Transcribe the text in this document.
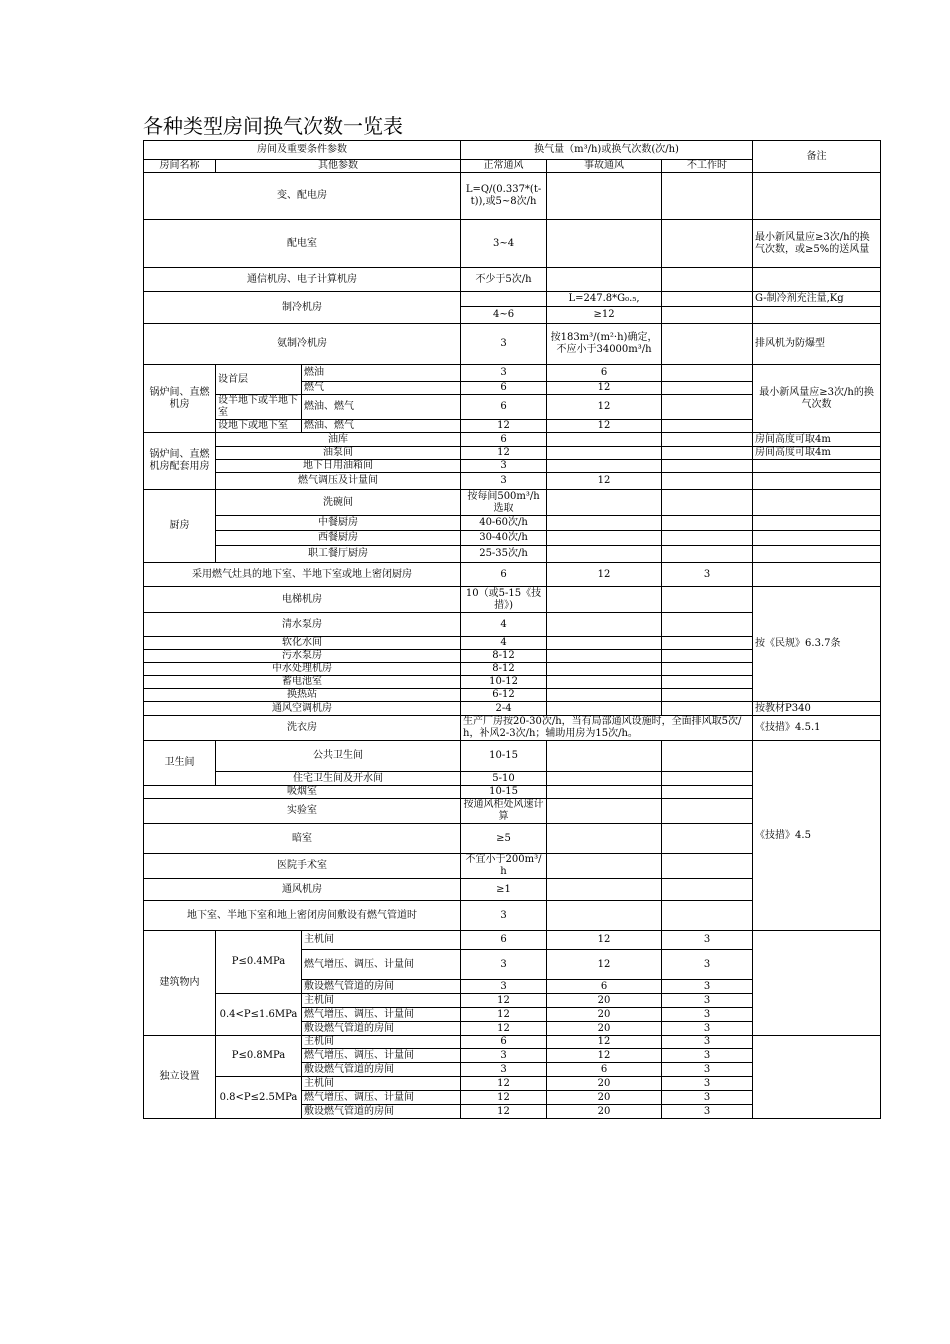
各种类型房间换气次数一览表
房间及重要条件参数			换气量（m³/h)或换气次数(次/h)			备注
房间名称	其他参数		正常通风	事故通风	不工作时	
变、配电房			L=Q/(0.337*(t-t)),或5~8次/h			
配电室			3~4			最小新风量应≥3次/h的换气次数，或≥5%的送风量
通信机房、电子计算机房			不少于5次/h			
制冷机房				L=247.8*G₀.₅,		G-制冷剂充注量,Kg
			4~6	≥12		
氨制冷机房			3	按183m³/(m²·h)确定，不应小于34000m³/h		排风机为防爆型
锅炉间、直燃机房	设首层	燃油	3	6		最小新风量应≥3次/h的换气次数
		燃气	6	12		
	设半地下或半地下室	燃油、燃气	6	12		
	设地下或地下室	燃油、燃气	12	12		
锅炉间、直燃机房配套用房	油库		6			房间高度可取4m
	油泵间		12			房间高度可取4m
	地下日用油箱间		3			
	燃气调压及计量间		3	12		
厨房	洗碗间		按每间500m³/h选取			
	中餐厨房		40-60次/h			
	西餐厨房		30-40次/h			
	职工餐厅厨房		25-35次/h			
采用燃气灶具的地下室、半地下室或地上密闭厨房			6	12	3	
电梯机房			10（或5-15《技措》)			按《民规》6.3.7条
清水泵房			4			
软化水间			4			
污水泵房			8-12			
中水处理机房			8-12			
蓄电池室			10-12			
换热站			6-12			
通风空调机房			2-4			按教材P340
洗衣房			生产厂房按20-30次/h，当有局部通风设施时，全面排风取5次/h，补风2-3次/h；辅助用房为15次/h。			《技措》4.5.1
卫生间	公共卫生间		10-15			《技措》4.5
	住宅卫生间及开水间		5-10			
吸烟室			10-15			
实验室			按通风柜处风速计算			
暗室			≥5			
医院手术室			不宜小于200m³/h			
通风机房			≥1			
地下室、半地下室和地上密闭房间敷设有燃气管道时			3			
建筑物内	P≤0.4MPa	主机间	6	12	3	
		燃气增压、调压、计量间	3	12	3	
		敷设燃气管道的房间	3	6	3	
	0.4<P≤1.6MPa	主机间	12	20	3	
		燃气增压、调压、计量间	12	20	3	
		敷设燃气管道的房间	12	20	3	
独立设置	P≤0.8MPa	主机间	6	12	3	
		燃气增压、调压、计量间	3	12	3	
		敷设燃气管道的房间	3	6	3	
	0.8<P≤2.5MPa	主机间	12	20	3	
		燃气增压、调压、计量间	12	20	3	
		敷设燃气管道的房间	12	20	3	
